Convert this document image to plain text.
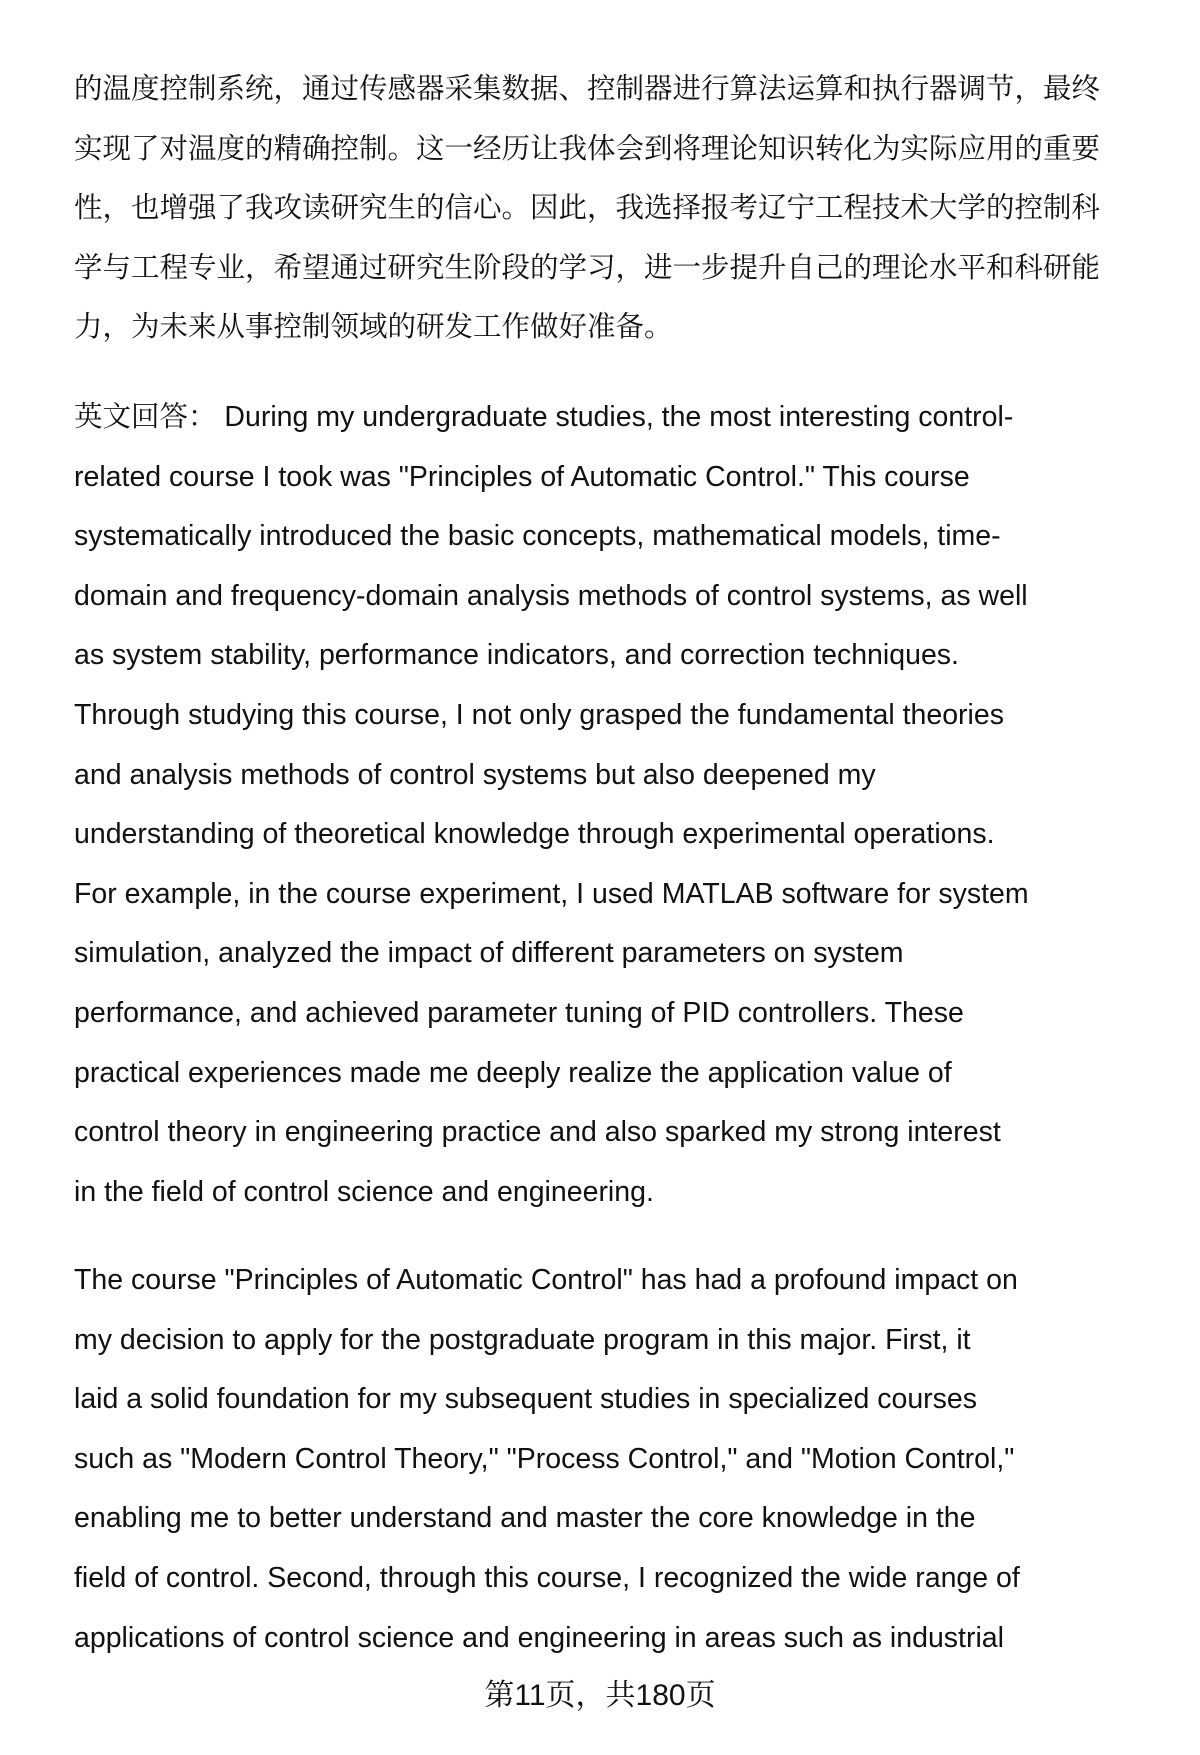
的温度控制系统，通过传感器采集数据、控制器进行算法运算和执行器调节，最终
实现了对温度的精确控制。这一经历让我体会到将理论知识转化为实际应用的重要
性，也增强了我攻读研究生的信心。因此，我选择报考辽宁工程技术大学的控制科
学与工程专业，希望通过研究生阶段的学习，进一步提升自己的理论水平和科研能
力，为未来从事控制领域的研发工作做好准备。
英文回答： During my undergraduate studies, the most interesting control-
related course I took was "Principles of Automatic Control." This course
systematically introduced the basic concepts, mathematical models, time-
domain and frequency-domain analysis methods of control systems, as well
as system stability, performance indicators, and correction techniques.
Through studying this course, I not only grasped the fundamental theories
and analysis methods of control systems but also deepened my
understanding of theoretical knowledge through experimental operations.
For example, in the course experiment, I used MATLAB software for system
simulation, analyzed the impact of different parameters on system
performance, and achieved parameter tuning of PID controllers. These
practical experiences made me deeply realize the application value of
control theory in engineering practice and also sparked my strong interest
in the field of control science and engineering.
The course "Principles of Automatic Control" has had a profound impact on
my decision to apply for the postgraduate program in this major. First, it
laid a solid foundation for my subsequent studies in specialized courses
such as "Modern Control Theory," "Process Control," and "Motion Control,"
enabling me to better understand and master the core knowledge in the
field of control. Second, through this course, I recognized the wide range of
applications of control science and engineering in areas such as industrial
第11页，共180页
